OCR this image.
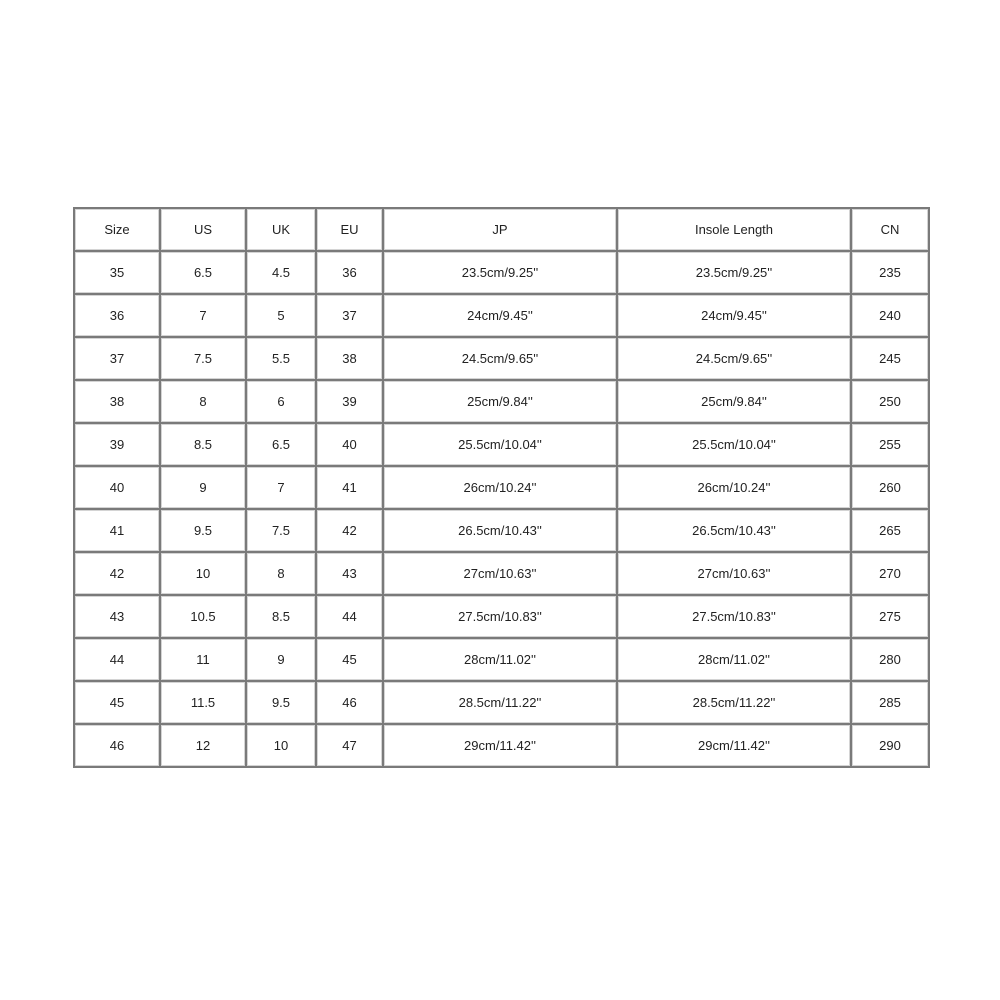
Size	US	UK	EU	JP	Insole Length	CN
35	6.5	4.5	36	23.5cm/9.25''	23.5cm/9.25''	235
36	7	5	37	24cm/9.45''	24cm/9.45''	240
37	7.5	5.5	38	24.5cm/9.65''	24.5cm/9.65''	245
38	8	6	39	25cm/9.84''	25cm/9.84''	250
39	8.5	6.5	40	25.5cm/10.04''	25.5cm/10.04''	255
40	9	7	41	26cm/10.24''	26cm/10.24''	260
41	9.5	7.5	42	26.5cm/10.43''	26.5cm/10.43''	265
42	10	8	43	27cm/10.63''	27cm/10.63''	270
43	10.5	8.5	44	27.5cm/10.83''	27.5cm/10.83''	275
44	11	9	45	28cm/11.02''	28cm/11.02''	280
45	11.5	9.5	46	28.5cm/11.22''	28.5cm/11.22''	285
46	12	10	47	29cm/11.42''	29cm/11.42''	290
